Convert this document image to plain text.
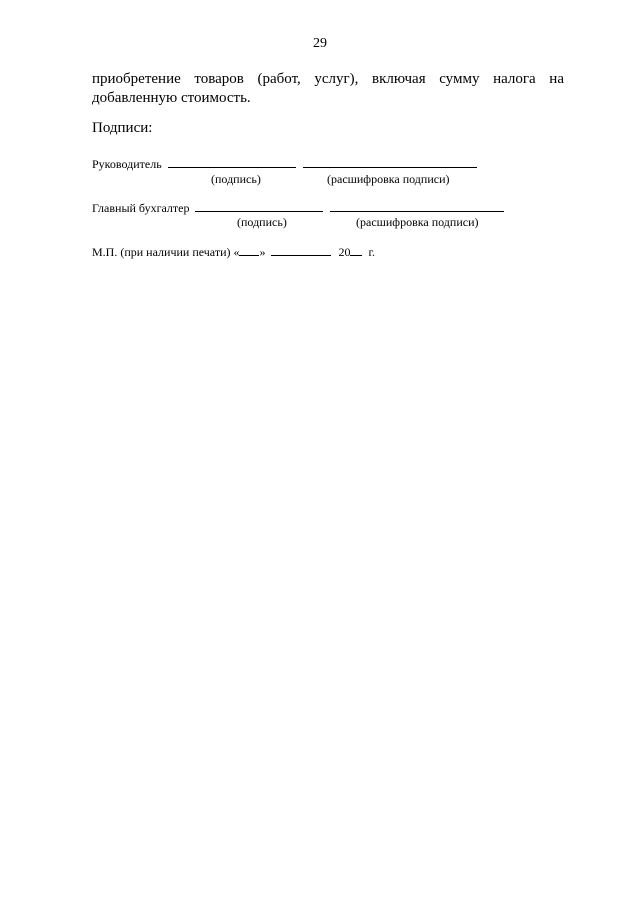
29
приобретение товаров (работ, услуг), включая сумму налога на
добавленную стоимость.
Подписи:
Руководитель
(подпись)	(расшифровка подписи)
Главный бухгалтер
(подпись)	(расшифровка подписи)
М.П. (при наличии печати) « »	20 г.
